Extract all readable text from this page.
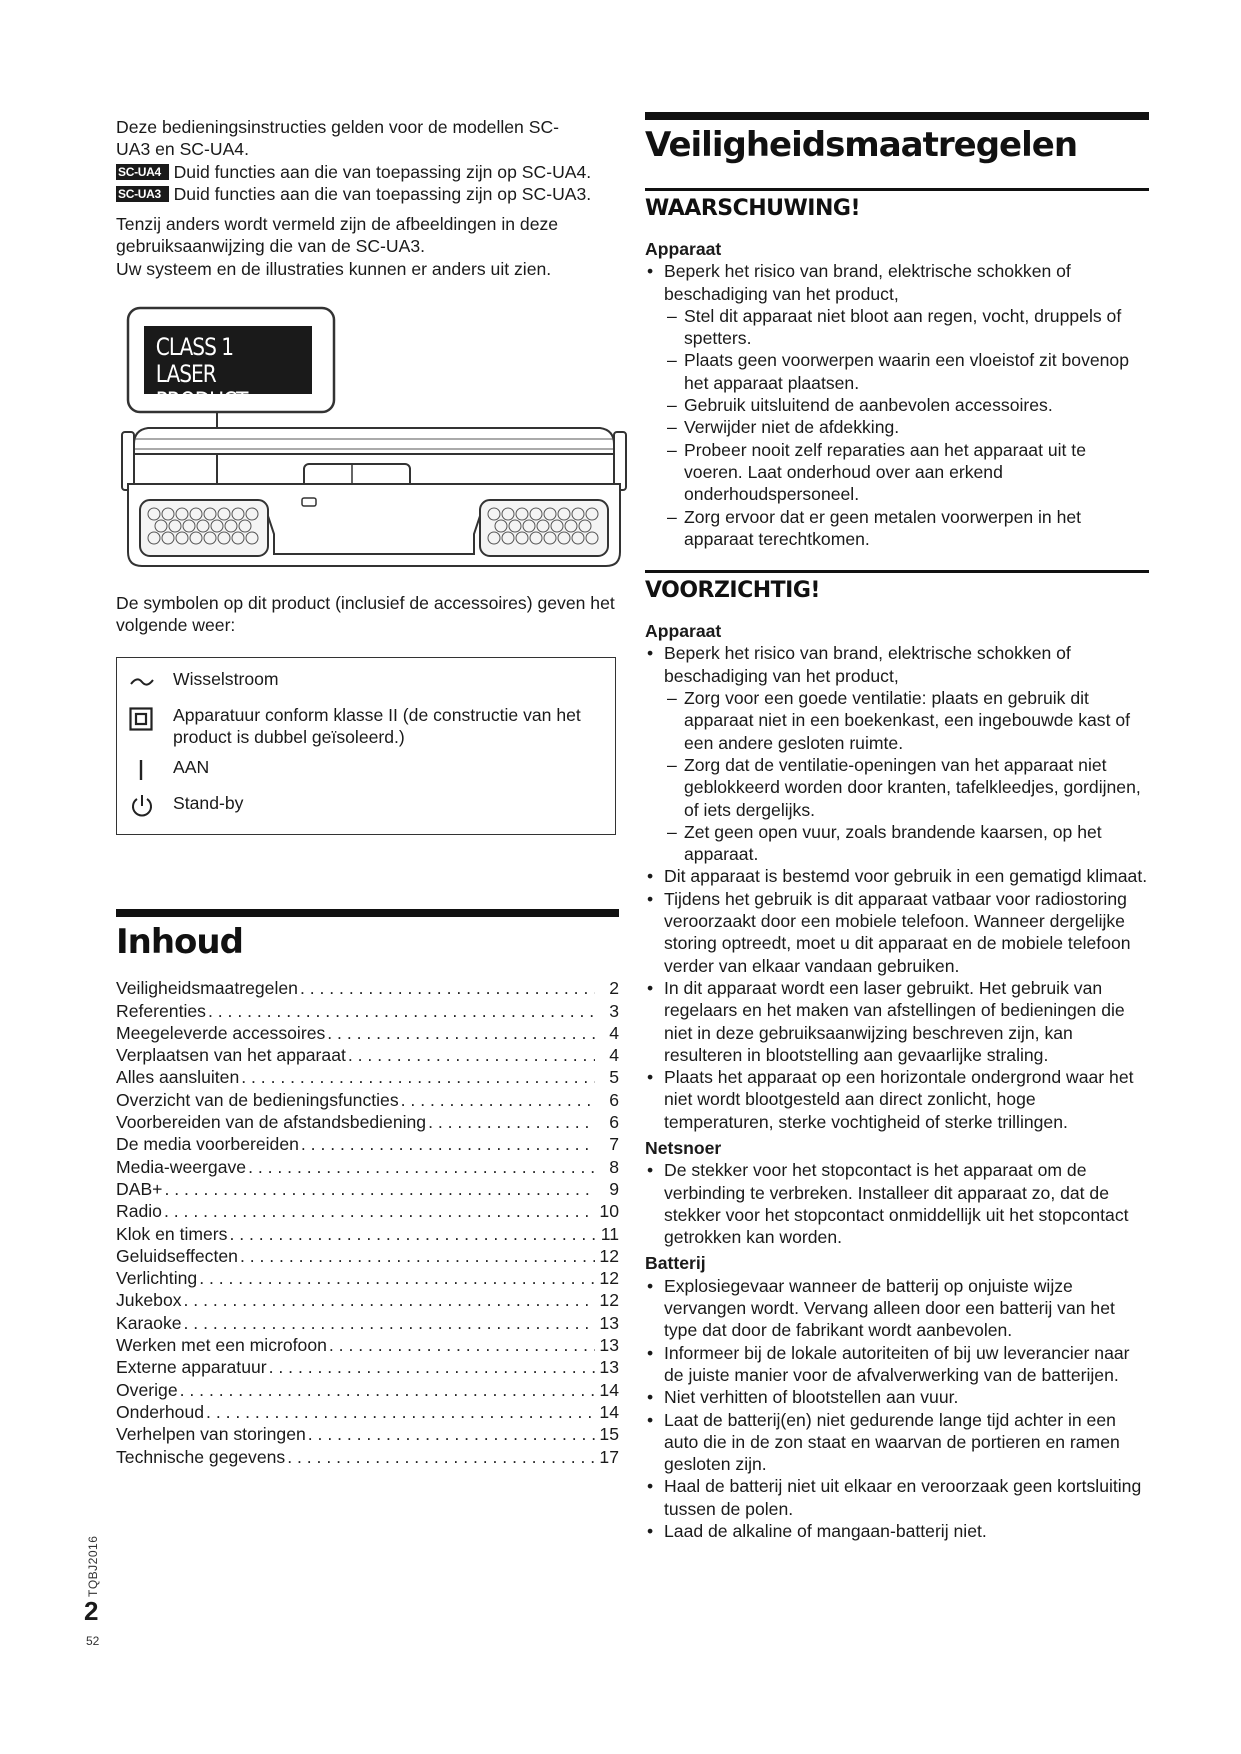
Deze bedieningsinstructies gelden voor de modellen SC-UA3 en SC-UA4.

SC-UA4 : Duid functies aan die van toepassing zijn op SC-UA4.
SC-UA3 : Duid functies aan die van toepassing zijn op SC-UA3.

Tenzij anders wordt vermeld zijn de afbeeldingen in deze gebruiksaanwijzing die van de SC-UA3.

Uw systeem en de illustraties kunnen er anders uit zien.

CLASS 1
LASER PRODUCT

De symbolen op dit product (inclusief de accessoires) geven het volgende weer:

Wisselstroom
Apparatuur conform klasse II (de constructie van het product is dubbel geïsoleerd.)
AAN
Stand-by
Inhoud
Veiligheidsmaatregelen . . .	2
Referenties . . .	3
Meegeleverde accessoires . . .	4
Verplaatsen van het apparaat . . .	4
Alles aansluiten . . .	5
Overzicht van de bedieningsfuncties . . .	6
Voorbereiden van de afstandsbediening . . .	6
De media voorbereiden . . .	7
Media-weergave . . .	8
DAB+ . . .	9
Radio . . .	10
Klok en timers . . .	11
Geluidseffecten . . .	12
Verlichting . . .	12
Jukebox . . .	12
Karaoke . . .	13
Werken met een microfoon . . .	13
Externe apparatuur . . .	13
Overige . . .	14
Onderhoud . . .	14
Verhelpen van storingen . . .	15
Technische gegevens . . .	17
Veiligheidsmaatregelen
WAARSCHUWING!

Apparaat

• Beperk het risico van brand, elektrische schokken of beschadiging van het product,

– Stel dit apparaat niet bloot aan regen, vocht, druppels of spetters.

– Plaats geen voorwerpen waarin een vloeistof zit bovenop het apparaat plaatsen.

– Gebruik uitsluitend de aanbevolen accessoires.

– Verwijder niet de afdekking.

– Probeer nooit zelf reparaties aan het apparaat uit te voeren. Laat onderhoud over aan erkend onderhoudspersoneel.

– Zorg ervoor dat er geen metalen voorwerpen in het apparaat terechtkomen.

VOORZICHTIG!

Apparaat

• Beperk het risico van brand, elektrische schokken of beschadiging van het product,

– Zorg voor een goede ventilatie: plaats en gebruik dit apparaat niet in een boekenkast, een ingebouwde kast of een andere gesloten ruimte.

– Zorg dat de ventilatie-openingen van het apparaat niet geblokkeerd worden door kranten, tafelkleedjes, gordijnen, of iets dergelijks.

– Zet geen open vuur, zoals brandende kaarsen, op het apparaat.

• Dit apparaat is bestemd voor gebruik in een gematigd klimaat.

• Tijdens het gebruik is dit apparaat vatbaar voor radiostoring veroorzaakt door een mobiele telefoon. Wanneer dergelijke storing optreedt, moet u dit apparaat en de mobiele telefoon verder van elkaar vandaan gebruiken.

• In dit apparaat wordt een laser gebruikt. Het gebruik van regelaars en het maken van afstellingen of bedieningen die niet in deze gebruiksaanwijzing beschreven zijn, kan resulteren in blootstelling aan gevaarlijke straling.

• Plaats het apparaat op een horizontale ondergrond waar het niet wordt blootgesteld aan direct zonlicht, hoge temperaturen, sterke vochtigheid of sterke trillingen.

Netsnoer

• De stekker voor het stopcontact is het apparaat om de verbinding te verbreken. Installeer dit apparaat zo, dat de stekker voor het stopcontact onmiddellijk uit het stopcontact getrokken kan worden.

Batterij

• Explosiegevaar wanneer de batterij op onjuiste wijze vervangen wordt. Vervang alleen door een batterij van het type dat door de fabrikant wordt aanbevolen.

• Informeer bij de lokale autoriteiten of bij uw leverancier naar de juiste manier voor de afvalverwerking van de batterijen.

• Niet verhitten of blootstellen aan vuur.

• Laat de batterij(en) niet gedurende lange tijd achter in een auto die in de zon staat en waarvan de portieren en ramen gesloten zijn.

• Haal de batterij niet uit elkaar en veroorzaak geen kortsluiting tussen de polen.

• Laad de alkaline of mangaan-batterij niet.

TQBJ2016
2
52
